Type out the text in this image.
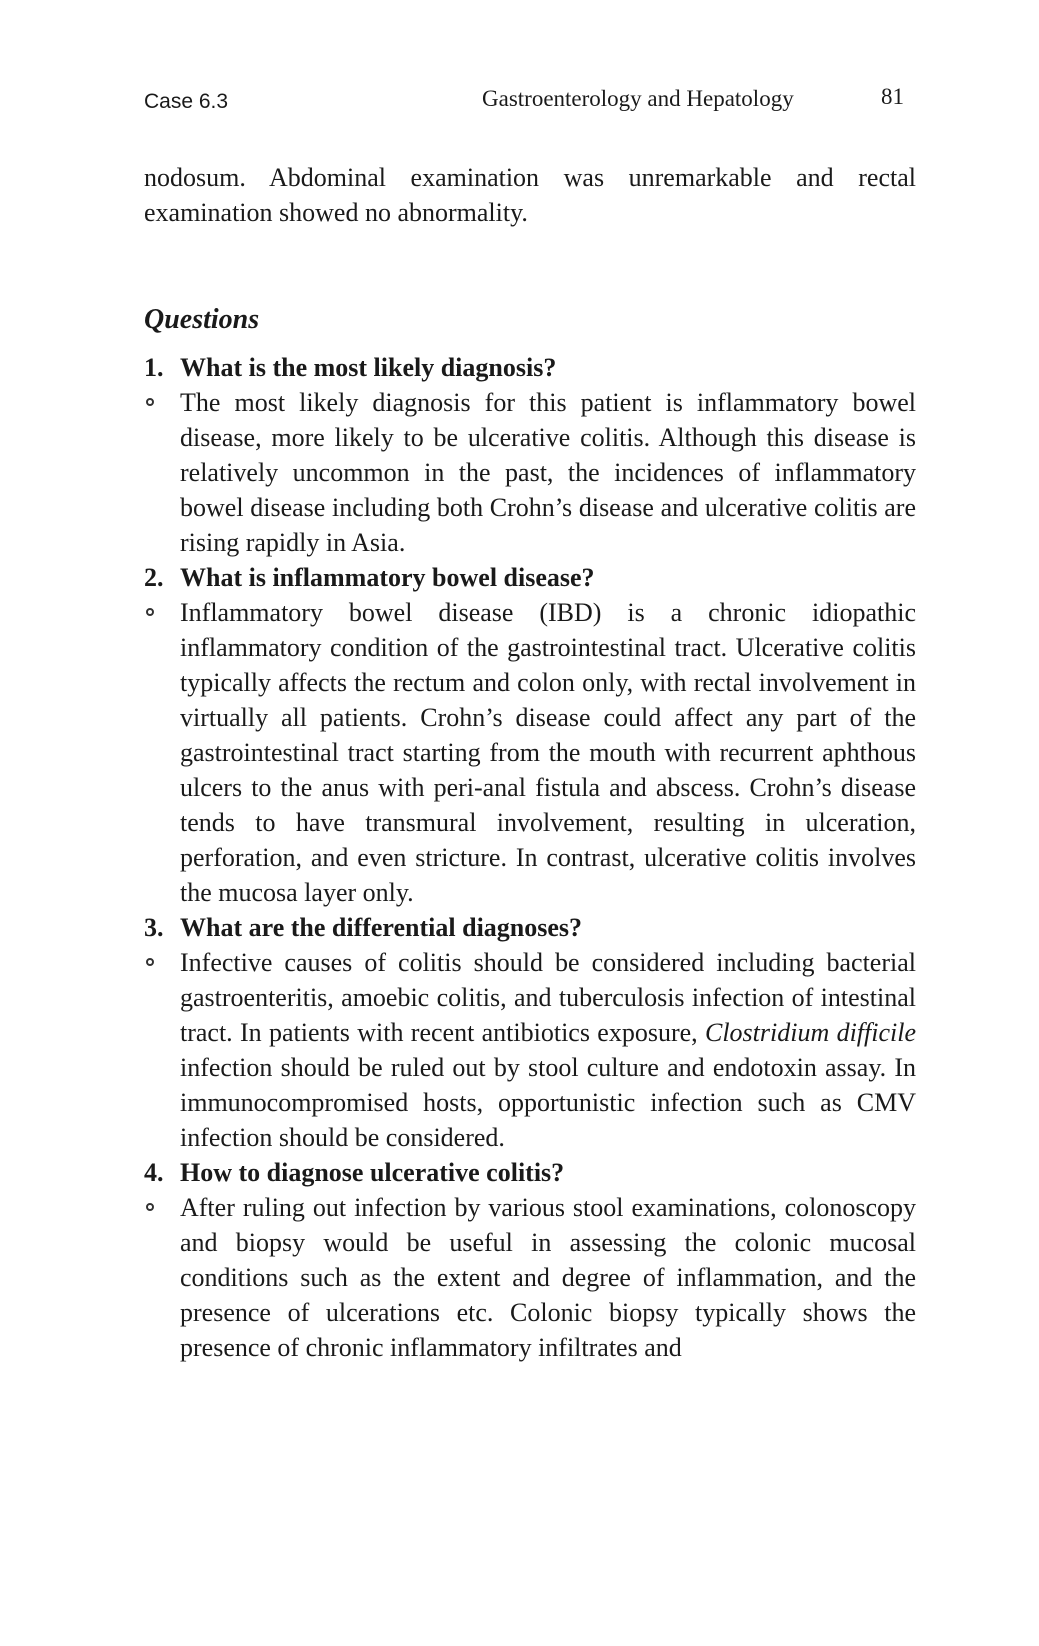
Case 6.3	Gastroenterology and Hepatology	81

nodosum. Abdominal examination was unremarkable and rectal examination showed no abnormality.

Questions

1. What is the most likely diagnosis?

The most likely diagnosis for this patient is inflammatory bowel disease, more likely to be ulcerative colitis. Although this disease is relatively uncommon in the past, the incidences of inflammatory bowel disease including both Crohn’s disease and ulcerative colitis are rising rapidly in Asia.

2. What is inflammatory bowel disease?

Inflammatory bowel disease (IBD) is a chronic idiopathic inflammatory condition of the gastrointestinal tract. Ulcerative colitis typically affects the rectum and colon only, with rectal involvement in virtually all patients. Crohn’s disease could affect any part of the gastrointestinal tract starting from the mouth with recurrent aphthous ulcers to the anus with peri-anal fistula and abscess. Crohn’s disease tends to have transmural involvement, resulting in ulceration, perforation, and even stricture. In contrast, ulcerative colitis involves the mucosa layer only.

3. What are the differential diagnoses?

Infective causes of colitis should be considered including bacterial gastroenteritis, amoebic colitis, and tuberculosis infection of intestinal tract. In patients with recent antibiotics exposure, Clostridium difficile infection should be ruled out by stool culture and endotoxin assay. In immunocompromised hosts, opportunistic infection such as CMV infection should be considered.

4. How to diagnose ulcerative colitis?

After ruling out infection by various stool examinations, colonoscopy and biopsy would be useful in assessing the colonic mucosal conditions such as the extent and degree of inflammation, and the presence of ulcerations etc. Colonic biopsy typically shows the presence of chronic inflammatory infiltrates and
